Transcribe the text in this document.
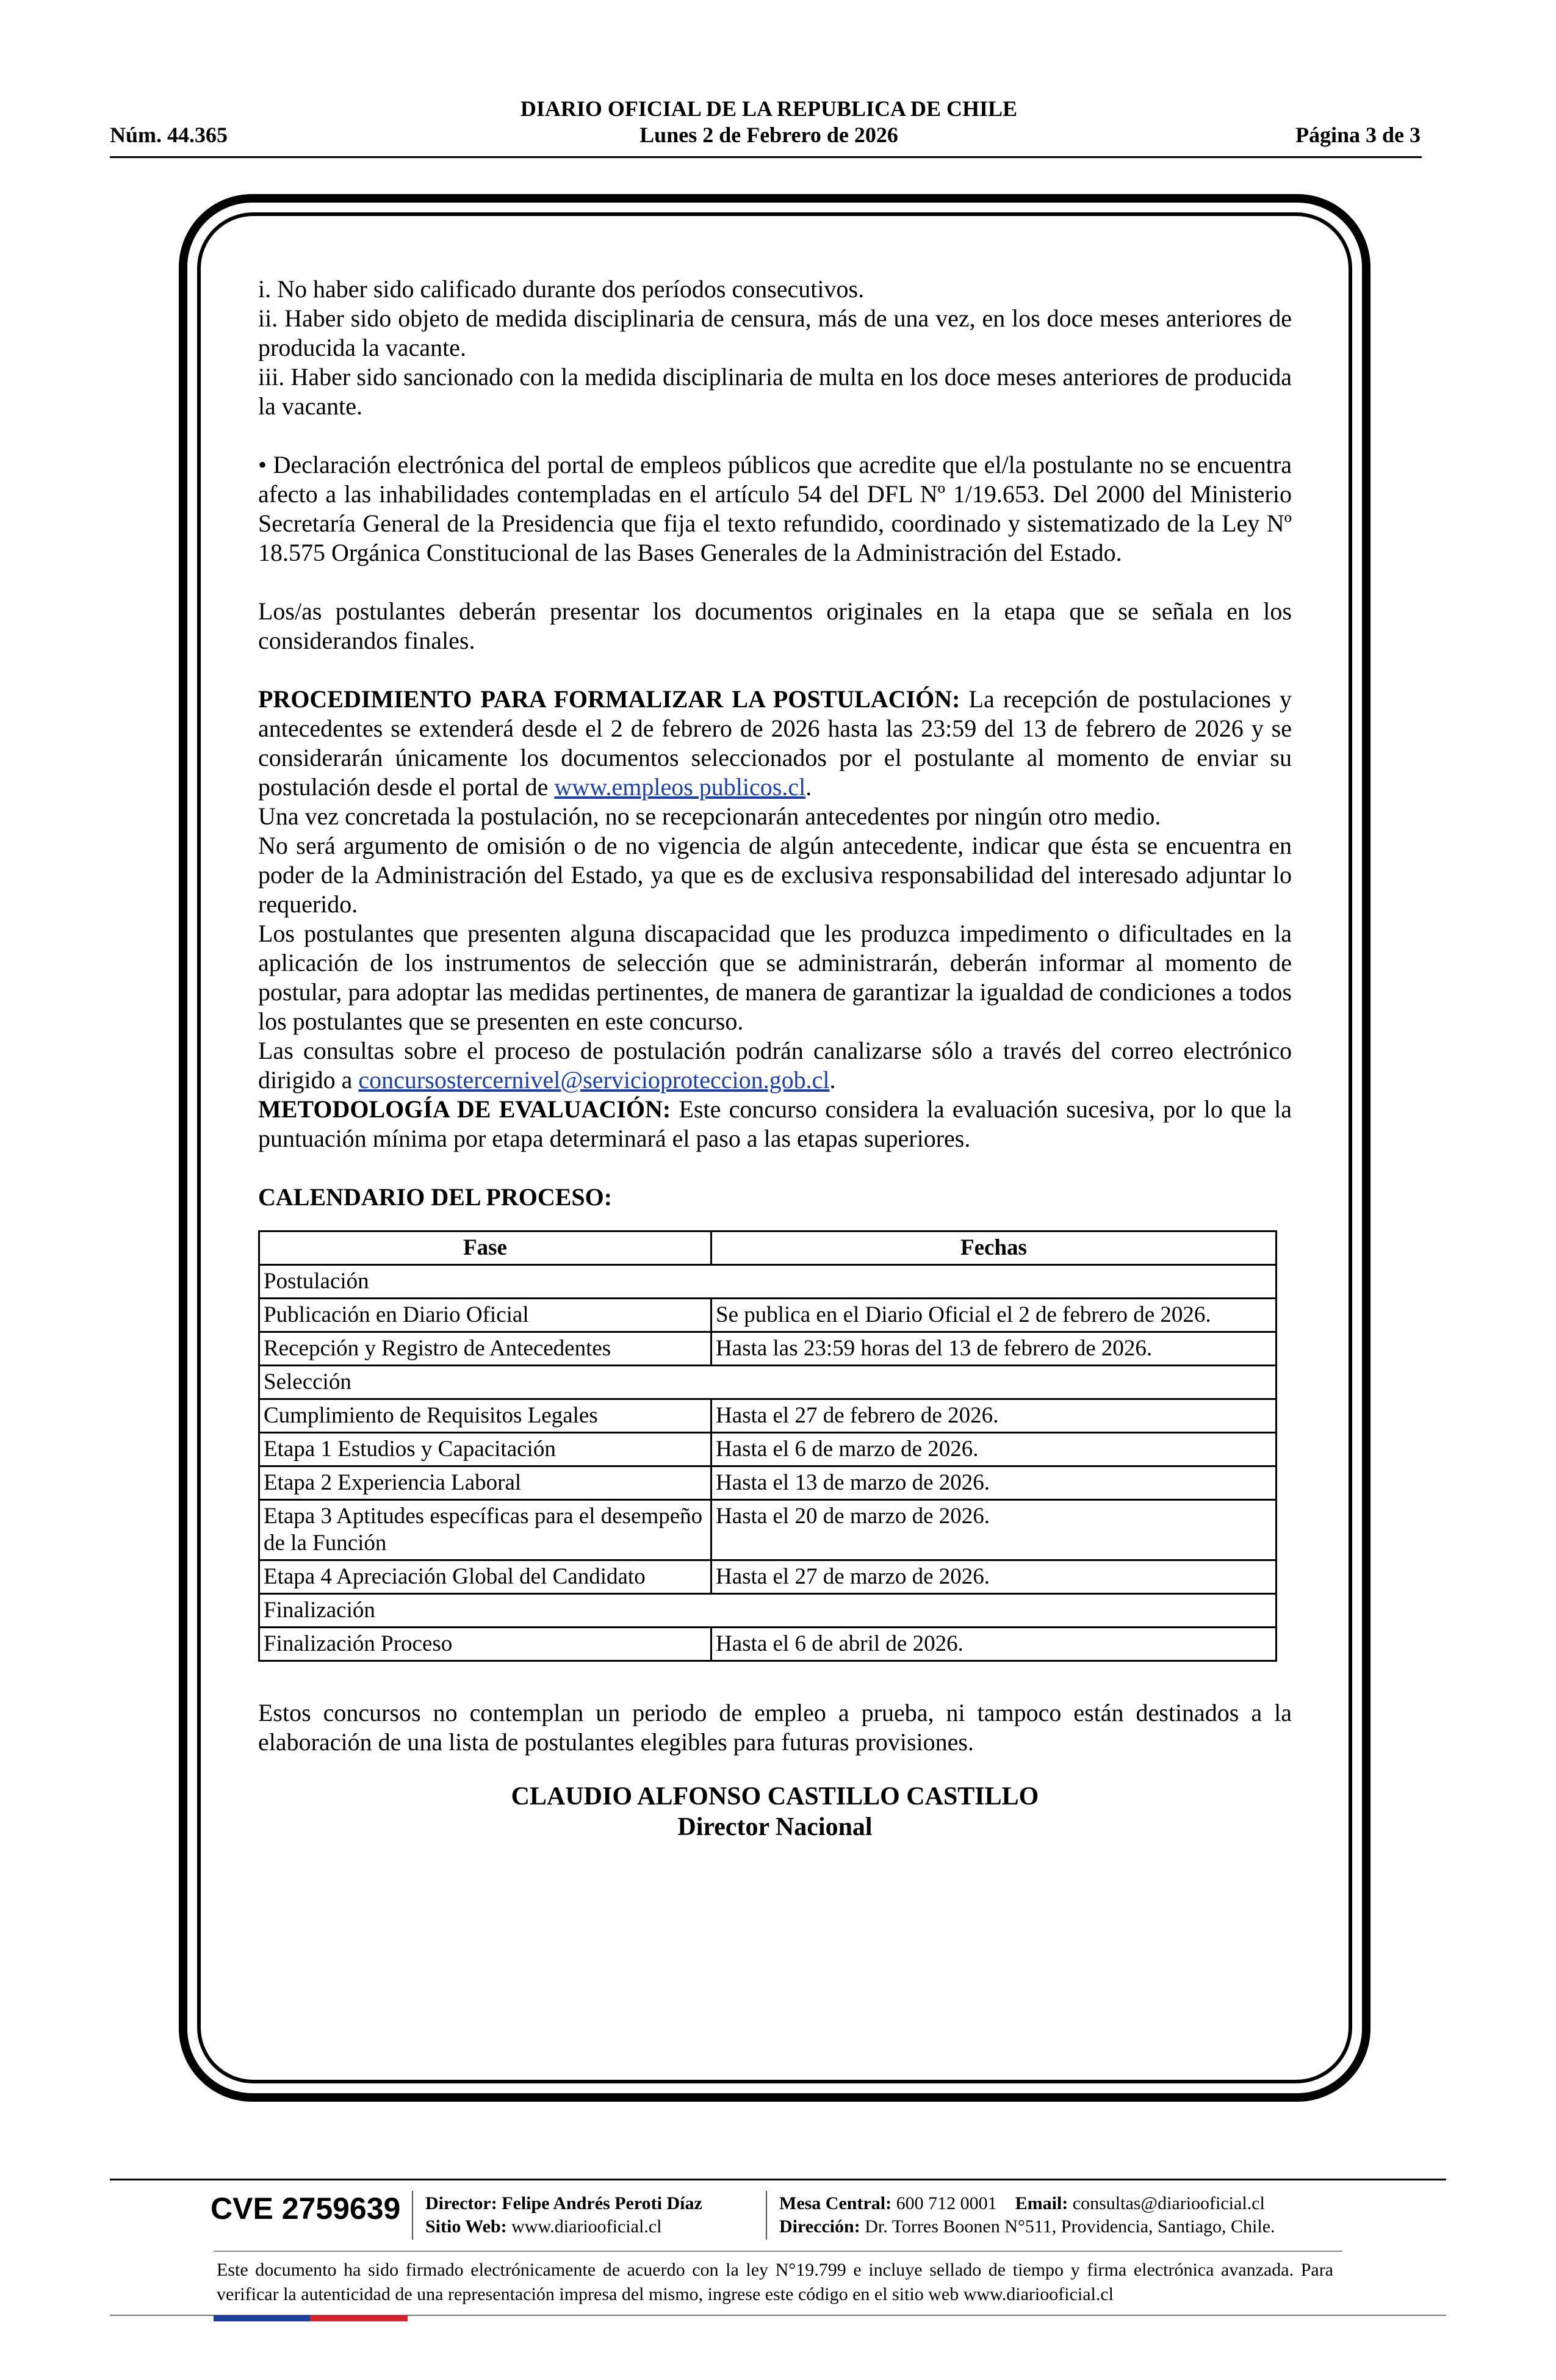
DIARIO OFICIAL DE LA REPUBLICA DE CHILE
Núm. 44.365	Lunes 2 de Febrero de 2026	Página 3 de 3

i. No haber sido calificado durante dos períodos consecutivos.

ii. Haber sido objeto de medida disciplinaria de censura, más de una vez, en los doce meses anteriores de producida la vacante.

iii. Haber sido sancionado con la medida disciplinaria de multa en los doce meses anteriores de producida la vacante.

• Declaración electrónica del portal de empleos públicos que acredite que el/la postulante no se encuentra afecto a las inhabilidades contempladas en el artículo 54 del DFL Nº 1/19.653. Del 2000 del Ministerio Secretaría General de la Presidencia que fija el texto refundido, coordinado y sistematizado de la Ley Nº 18.575 Orgánica Constitucional de las Bases Generales de la Administración del Estado.

Los/as postulantes deberán presentar los documentos originales en la etapa que se señala en los considerandos finales.

PROCEDIMIENTO PARA FORMALIZAR LA POSTULACIÓN: La recepción de postulaciones y antecedentes se extenderá desde el 2 de febrero de 2026 hasta las 23:59 del 13 de febrero de 2026 y se considerarán únicamente los documentos seleccionados por el postulante al momento de enviar su postulación desde el portal de www.empleos publicos.cl.

Una vez concretada la postulación, no se recepcionarán antecedentes por ningún otro medio.

No será argumento de omisión o de no vigencia de algún antecedente, indicar que ésta se encuentra en poder de la Administración del Estado, ya que es de exclusiva responsabilidad del interesado adjuntar lo requerido.

Los postulantes que presenten alguna discapacidad que les produzca impedimento o dificultades en la aplicación de los instrumentos de selección que se administrarán, deberán informar al momento de postular, para adoptar las medidas pertinentes, de manera de garantizar la igualdad de condiciones a todos los postulantes que se presenten en este concurso.

Las consultas sobre el proceso de postulación podrán canalizarse sólo a través del correo electrónico dirigido a concursostercernivel@servicioproteccion.gob.cl.

METODOLOGÍA DE EVALUACIÓN: Este concurso considera la evaluación sucesiva, por lo que la puntuación mínima por etapa determinará el paso a las etapas superiores.

CALENDARIO DEL PROCESO:

Fase	Fechas
Postulación	
Publicación en Diario Oficial	Se publica en el Diario Oficial el 2 de febrero de 2026.
Recepción y Registro de Antecedentes	Hasta las 23:59 horas del 13 de febrero de 2026.
Selección	
Cumplimiento de Requisitos Legales	Hasta el 27 de febrero de 2026.
Etapa 1 Estudios y Capacitación	Hasta el 6 de marzo de 2026.
Etapa 2 Experiencia Laboral	Hasta el 13 de marzo de 2026.
Etapa 3 Aptitudes específicas para el desempeño de la Función	Hasta el 20 de marzo de 2026.
Etapa 4 Apreciación Global del Candidato	Hasta el 27 de marzo de 2026.
Finalización	
Finalización Proceso	Hasta el 6 de abril de 2026.

Estos concursos no contemplan un periodo de empleo a prueba, ni tampoco están destinados a la elaboración de una lista de postulantes elegibles para futuras provisiones.

CLAUDIO ALFONSO CASTILLO CASTILLO
Director Nacional
CVE 2759639 Director: Felipe Andrés Peroti Díaz
Sitio Web: www.diariooficial.cl
Mesa Central: 600 712 0001 Email: consultas@diariooficial.cl
Dirección: Dr. Torres Boonen N°511, Providencia, Santiago, Chile.
Este documento ha sido firmado electrónicamente de acuerdo con la ley N°19.799 e incluye sellado de tiempo y firma electrónica avanzada. Para verificar la autenticidad de una representación impresa del mismo, ingrese este código en el sitio web www.diariooficial.cl
